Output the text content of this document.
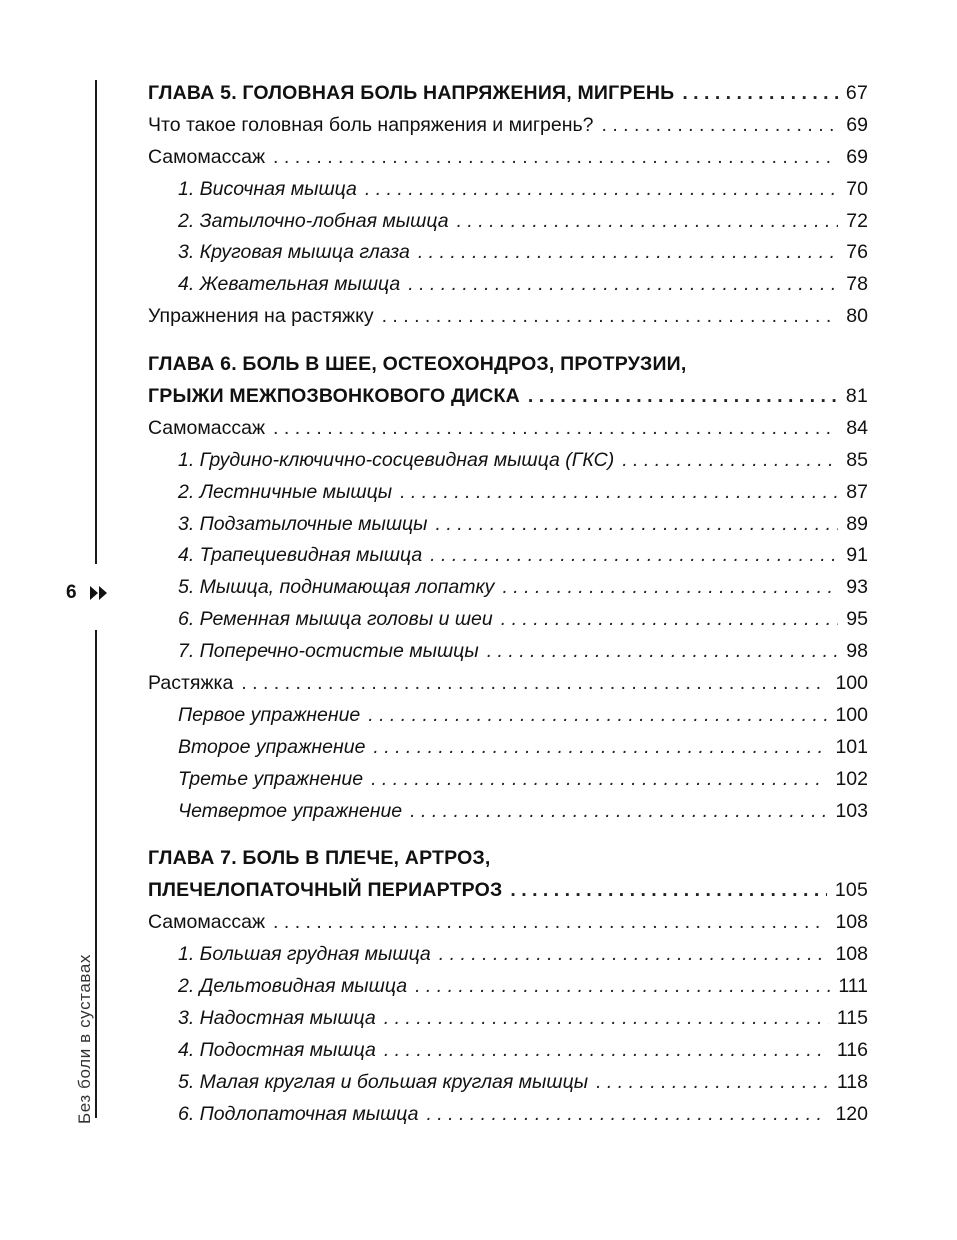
6
Без боли в суставах
ГЛАВА 5. ГОЛОВНАЯ БОЛЬ НАПРЯЖЕНИЯ, МИГРЕНЬ . . .	67
Что такое головная боль напряжения и мигрень? . . .	69
Самомассаж . . .	69
1. Височная мышца . . .	70
2. Затылочно-лобная мышца . . .	72
3. Круговая мышца глаза . . .	76
4. Жевательная мышца . . .	78
Упражнения на растяжку . . .	80
ГЛАВА 6. БОЛЬ В ШЕЕ, ОСТЕОХОНДРОЗ, ПРОТРУЗИИ,
ГРЫЖИ МЕЖПОЗВОНКОВОГО ДИСКА . . .	81
Самомассаж . . .	84
1. Грудино-ключично-сосцевидная мышца (ГКС) . . .	85
2. Лестничные мышцы . . .	87
3. Подзатылочные мышцы . . .	89
4. Трапециевидная мышца . . .	91
5. Мышца, поднимающая лопатку . . .	93
6. Ременная мышца головы и шеи . . .	95
7. Поперечно-остистые мышцы . . .	98
Растяжка . . .	100
Первое упражнение . . .	100
Второе упражнение . . .	101
Третье упражнение . . .	102
Четвертое упражнение . . .	103
ГЛАВА 7. БОЛЬ В ПЛЕЧЕ, АРТРОЗ,
ПЛЕЧЕЛОПАТОЧНЫЙ ПЕРИАРТРОЗ . . .	105
Самомассаж . . .	108
1. Большая грудная мышца . . .	108
2. Дельтовидная мышца . . .	111
3. Надостная мышца . . .	115
4. Подостная мышца . . .	116
5. Малая круглая и большая круглая мышцы . . .	118
6. Подлопаточная мышца . . .	120
